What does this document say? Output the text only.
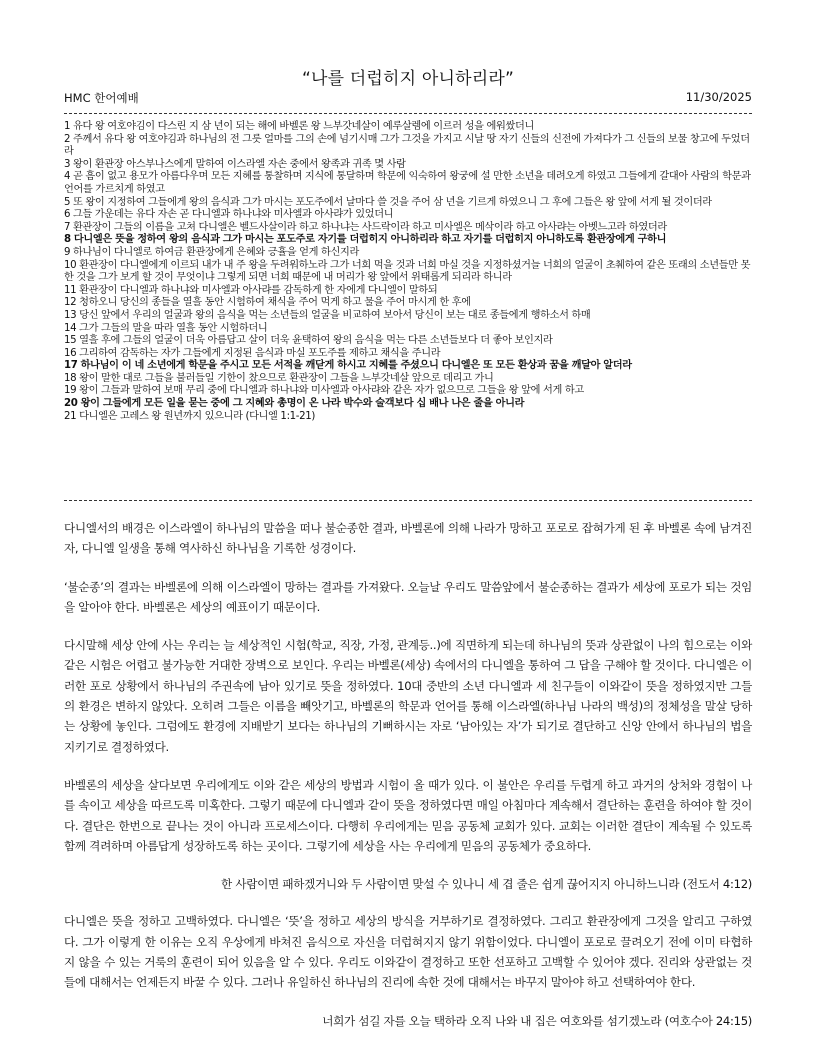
“나를 더럽히지 아니하리라”
HMC 한어예배	11/30/2025

1 유다 왕 여호야김이 다스린 지 삼 년이 되는 해에 바벨론 왕 느부갓네살이 예루살렘에 이르러 성을 에워쌌더니

2 주께서 유다 왕 여호야김과 하나님의 전 그릇 얼마를 그의 손에 넘기시매 그가 그것을 가지고 시날 땅 자기 신들의 신전에 가져다가 그 신들의 보물 창고에 두었더라

3 왕이 환관장 아스부나스에게 말하여 이스라엘 자손 중에서 왕족과 귀족 몇 사람

4 곧 흠이 없고 용모가 아름다우며 모든 지혜를 통찰하며 지식에 통달하며 학문에 익숙하여 왕궁에 설 만한 소년을 데려오게 하였고 그들에게 갈대아 사람의 학문과 언어를 가르치게 하였고

5 또 왕이 지정하여 그들에게 왕의 음식과 그가 마시는 포도주에서 날마다 쓸 것을 주어 삼 년을 기르게 하였으니 그 후에 그들은 왕 앞에 서게 될 것이더라

6 그들 가운데는 유다 자손 곧 다니엘과 하나냐와 미사엘과 아사랴가 있었더니

7 환관장이 그들의 이름을 고쳐 다니엘은 벨드사살이라 하고 하나냐는 사드락이라 하고 미사엘은 메삭이라 하고 아사랴는 아벳느고라 하였더라

8 다니엘은 뜻을 정하여 왕의 음식과 그가 마시는 포도주로 자기를 더럽히지 아니하리라 하고 자기를 더럽히지 아니하도록 환관장에게 구하니

9 하나님이 다니엘로 하여금 환관장에게 은혜와 긍휼을 얻게 하신지라

10 환관장이 다니엘에게 이르되 내가 내 주 왕을 두려워하노라 그가 너희 먹을 것과 너희 마실 것을 지정하셨거늘 너희의 얼굴이 초췌하여 같은 또래의 소년들만 못한 것을 그가 보게 할 것이 무엇이냐 그렇게 되면 너희 때문에 내 머리가 왕 앞에서 위태롭게 되리라 하니라

11 환관장이 다니엘과 하나냐와 미사엘과 아사랴를 감독하게 한 자에게 다니엘이 말하되

12 청하오니 당신의 종들을 열흘 동안 시험하여 채식을 주어 먹게 하고 물을 주어 마시게 한 후에

13 당신 앞에서 우리의 얼굴과 왕의 음식을 먹는 소년들의 얼굴을 비교하여 보아서 당신이 보는 대로 종들에게 행하소서 하매

14 그가 그들의 말을 따라 열흘 동안 시험하더니

15 열흘 후에 그들의 얼굴이 더욱 아름답고 살이 더욱 윤택하여 왕의 음식을 먹는 다른 소년들보다 더 좋아 보인지라

16 그리하여 감독하는 자가 그들에게 지정된 음식과 마실 포도주를 제하고 채식을 주니라

17 하나님이 이 네 소년에게 학문을 주시고 모든 서적을 깨닫게 하시고 지혜를 주셨으니 다니엘은 또 모든 환상과 꿈을 깨달아 알더라

18 왕이 말한 대로 그들을 불러들일 기한이 찼으므로 환관장이 그들을 느부갓네살 앞으로 데리고 가니

19 왕이 그들과 말하여 보매 무리 중에 다니엘과 하나냐와 미사엘과 아사랴와 같은 자가 없으므로 그들을 왕 앞에 서게 하고

20 왕이 그들에게 모든 일을 묻는 중에 그 지혜와 총명이 온 나라 박수와 술객보다 십 배나 나은 줄을 아니라

21 다니엘은 고레스 왕 원년까지 있으니라 (다니엘 1:1-21)

다니엘서의 배경은 이스라엘이 하나님의 말씀을 떠나 불순종한 결과, 바벨론에 의해 나라가 망하고 포로로 잡혀가게 된 후 바벨론 속에 남겨진 자, 다니엘 일생을 통해 역사하신 하나님을 기록한 성경이다.

‘불순종’의 결과는 바벨론에 의해 이스라엘이 망하는 결과를 가져왔다. 오늘날 우리도 말씀앞에서 불순종하는 결과가 세상에 포로가 되는 것임을 알아야 한다. 바벨론은 세상의 예표이기 때문이다.

다시말해 세상 안에 사는 우리는 늘 세상적인 시험(학교, 직장, 가정, 관계등..)에 직면하게 되는데 하나님의 뜻과 상관없이 나의 힘으로는 이와같은 시험은 어렵고 불가능한 거대한 장벽으로 보인다. 우리는 바벨론(세상) 속에서의 다니엘을 통하여 그 답을 구해야 할 것이다. 다니엘은 이러한 포로 상황에서 하나님의 주권속에 남아 있기로 뜻을 정하였다. 10대 중반의 소년 다니엘과 세 친구들이 이와같이 뜻을 정하였지만 그들의 환경은 변하지 않았다. 오히려 그들은 이름을 빼앗기고, 바벨론의 학문과 언어를 통해 이스라엘(하나님 나라의 백성)의 정체성을 말살 당하는 상황에 놓인다. 그럼에도 환경에 지배받기 보다는 하나님의 기뻐하시는 자로 ‘남아있는 자’가 되기로 결단하고 신앙 안에서 하나님의 법을 지키기로 결정하였다.

바벨론의 세상을 살다보면 우리에게도 이와 같은 세상의 방법과 시험이 올 때가 있다. 이 불안은 우리를 두렵게 하고 과거의 상처와 경험이 나를 속이고 세상을 따르도록 미혹한다. 그렇기 때문에 다니엘과 같이 뜻을 정하였다면 매일 아침마다 계속해서 결단하는 훈련을 하여야 할 것이다. 결단은 한번으로 끝나는 것이 아니라 프로세스이다. 다행히 우리에게는 믿음 공동체 교회가 있다. 교회는 이러한 결단이 계속될 수 있도록 함께 격려하며 아름답게 성장하도록 하는 곳이다. 그렇기에 세상을 사는 우리에게 믿음의 공동체가 중요하다.

한 사람이면 패하겠거니와 두 사람이면 맞설 수 있나니 세 겹 줄은 쉽게 끊어지지 아니하느니라 (전도서 4:12)

다니엘은 뜻을 정하고 고백하였다. 다니엘은 ‘뜻’을 정하고 세상의 방식을 거부하기로 결정하였다. 그리고 환관장에게 그것을 알리고 구하였다. 그가 이렇게 한 이유는 오직 우상에게 바쳐진 음식으로 자신을 더럽혀지지 않기 위함이었다. 다니엘이 포로로 끌려오기 전에 이미 타협하지 않을 수 있는 거룩의 훈련이 되어 있음을 알 수 있다. 우리도 이와같이 결정하고 또한 선포하고 고백할 수 있어야 겠다. 진리와 상관없는 것들에 대해서는 언제든지 바꿀 수 있다. 그러나 유일하신 하나님의 진리에 속한 것에 대해서는 바꾸지 말아야 하고 선택하여야 한다.

너희가 섬길 자를 오늘 택하라 오직 나와 내 집은 여호와를 섬기겠노라 (여호수아 24:15)
